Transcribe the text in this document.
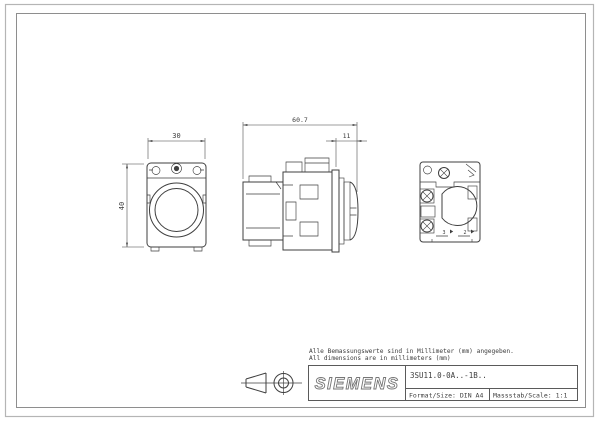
30
40
60.7
11
3	2
Alle Bemassungswerte sind in Millimeter (mm) angegeben.
All dimensions are in millimeters (mm)
SIEMENS 3SU11.0-0A..-1B..
Format/Size: DIN A4 Massstab/Scale: 1:1
